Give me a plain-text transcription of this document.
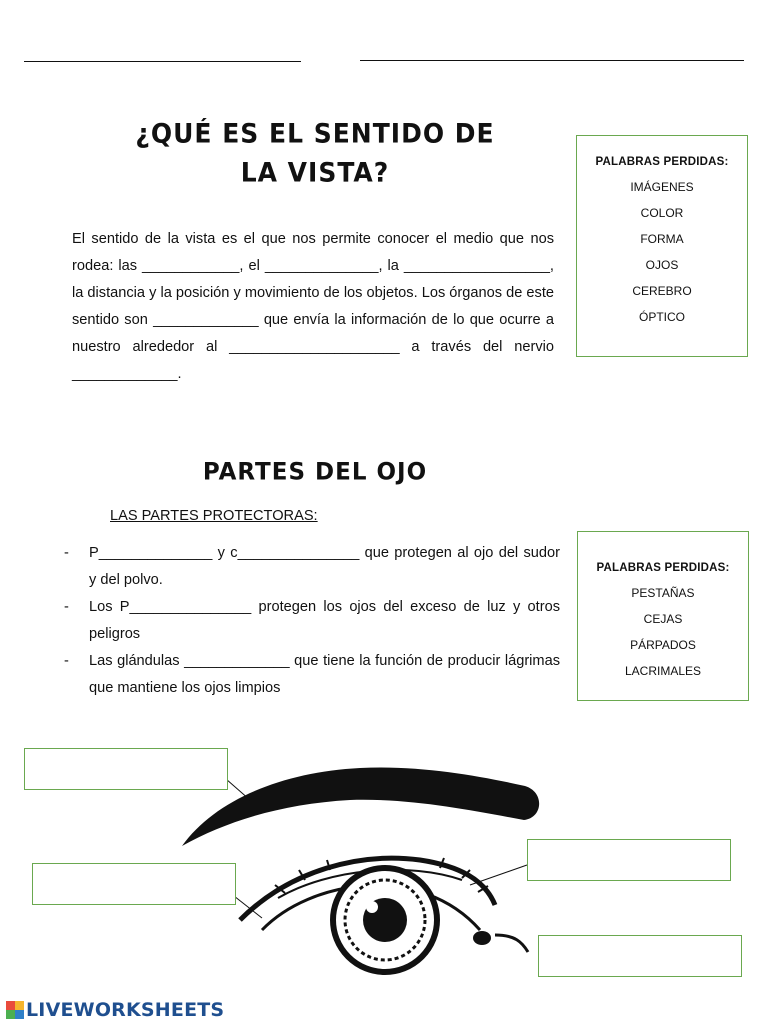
¿QUÉ ES EL SENTIDO DE
LA VISTA?
El sentido de la vista es el que nos permite conocer el medio que nos rodea: las ____________, el ______________, la __________________, la distancia y la posición y movimiento de los objetos. Los órganos de este sentido son _____________ que envía la información de lo que ocurre a nuestro alrededor al _____________________ a través del nervio _____________.
PALABRAS PERDIDAS:
IMÁGENES
COLOR
FORMA
OJOS
CEREBRO
ÓPTICO
PARTES DEL OJO
LAS PARTES PROTECTORAS:
- P______________ y c_______________ que protegen al ojo del sudor y del polvo.
- Los P_______________ protegen los ojos del exceso de luz y otros peligros
- Las glándulas _____________ que tiene la función de producir lágrimas que mantiene los ojos limpios
PALABRAS PERDIDAS:
PESTAÑAS
CEJAS
PÁRPADOS
LACRIMALES
LIVEWORKSHEETS
